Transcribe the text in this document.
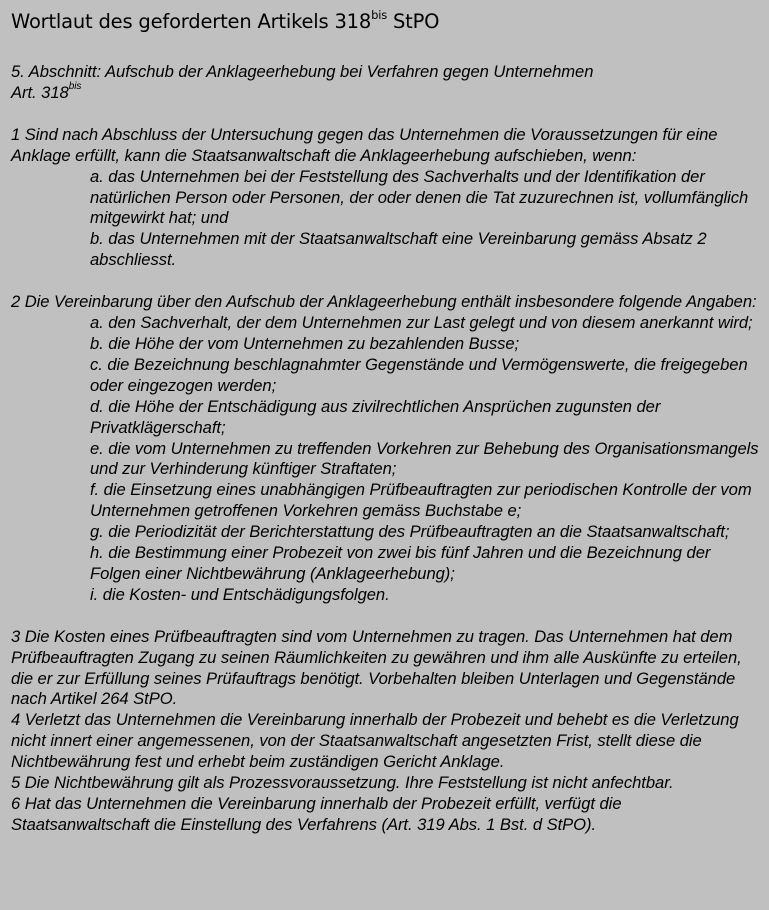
Wortlaut des geforderten Artikels $318^{bis}$ StPO

5. Abschnitt: Aufschub der Anklageerhebung bei Verfahren gegen Unternehmen

Art. $318^{bis}$

1 Sind nach Abschluss der Untersuchung gegen das Unternehmen die Voraussetzungen für eine Anklage erfüllt, kann die Staatsanwaltschaft die Anklageerhebung aufschieben, wenn:

a. das Unternehmen bei der Feststellung des Sachverhalts und der Identifikation der natürlichen Person oder Personen, der oder denen die Tat zuzurechnen ist, vollumfänglich mitgewirkt hat; und
b. das Unternehmen mit der Staatsanwaltschaft eine Vereinbarung gemäss Absatz 2 abschliesst.

2 Die Vereinbarung über den Aufschub der Anklageerhebung enthält insbesondere folgende Angaben:

a. den Sachverhalt, der dem Unternehmen zur Last gelegt und von diesem anerkannt wird;
b. die Höhe der vom Unternehmen zu bezahlenden Busse;
c. die Bezeichnung beschlagnahmter Gegenstände und Vermögenswerte, die freigegeben oder eingezogen werden;
d. die Höhe der Entschädigung aus zivilrechtlichen Ansprüchen zugunsten der Privatklägerschaft;
e. die vom Unternehmen zu treffenden Vorkehren zur Behebung des Organisationsmangels und zur Verhinderung künftiger Straftaten;
f. die Einsetzung eines unabhängigen Prüfbeauftragten zur periodischen Kontrolle der vom Unternehmen getroffenen Vorkehren gemäss Buchstabe e;
g. die Periodizität der Berichterstattung des Prüfbeauftragten an die Staatsanwaltschaft;
h. die Bestimmung einer Probezeit von zwei bis fünf Jahren und die Bezeichnung der Folgen einer Nichtbewährung (Anklageerhebung);
i. die Kosten- und Entschädigungsfolgen.

3 Die Kosten eines Prüfbeauftragten sind vom Unternehmen zu tragen. Das Unternehmen hat dem Prüfbeauftragten Zugang zu seinen Räumlichkeiten zu gewähren und ihm alle Auskünfte zu erteilen, die er zur Erfüllung seines Prüfauftrags benötigt. Vorbehalten bleiben Unterlagen und Gegenstände nach Artikel 264 StPO.

4 Verletzt das Unternehmen die Vereinbarung innerhalb der Probezeit und behebt es die Verletzung nicht innert einer angemessenen, von der Staatsanwaltschaft angesetzten Frist, stellt diese die Nichtbewährung fest und erhebt beim zuständigen Gericht Anklage.

5 Die Nichtbewährung gilt als Prozessvoraussetzung. Ihre Feststellung ist nicht anfechtbar.

6 Hat das Unternehmen die Vereinbarung innerhalb der Probezeit erfüllt, verfügt die Staatsanwaltschaft die Einstellung des Verfahrens (Art. 319 Abs. 1 Bst. d StPO).
